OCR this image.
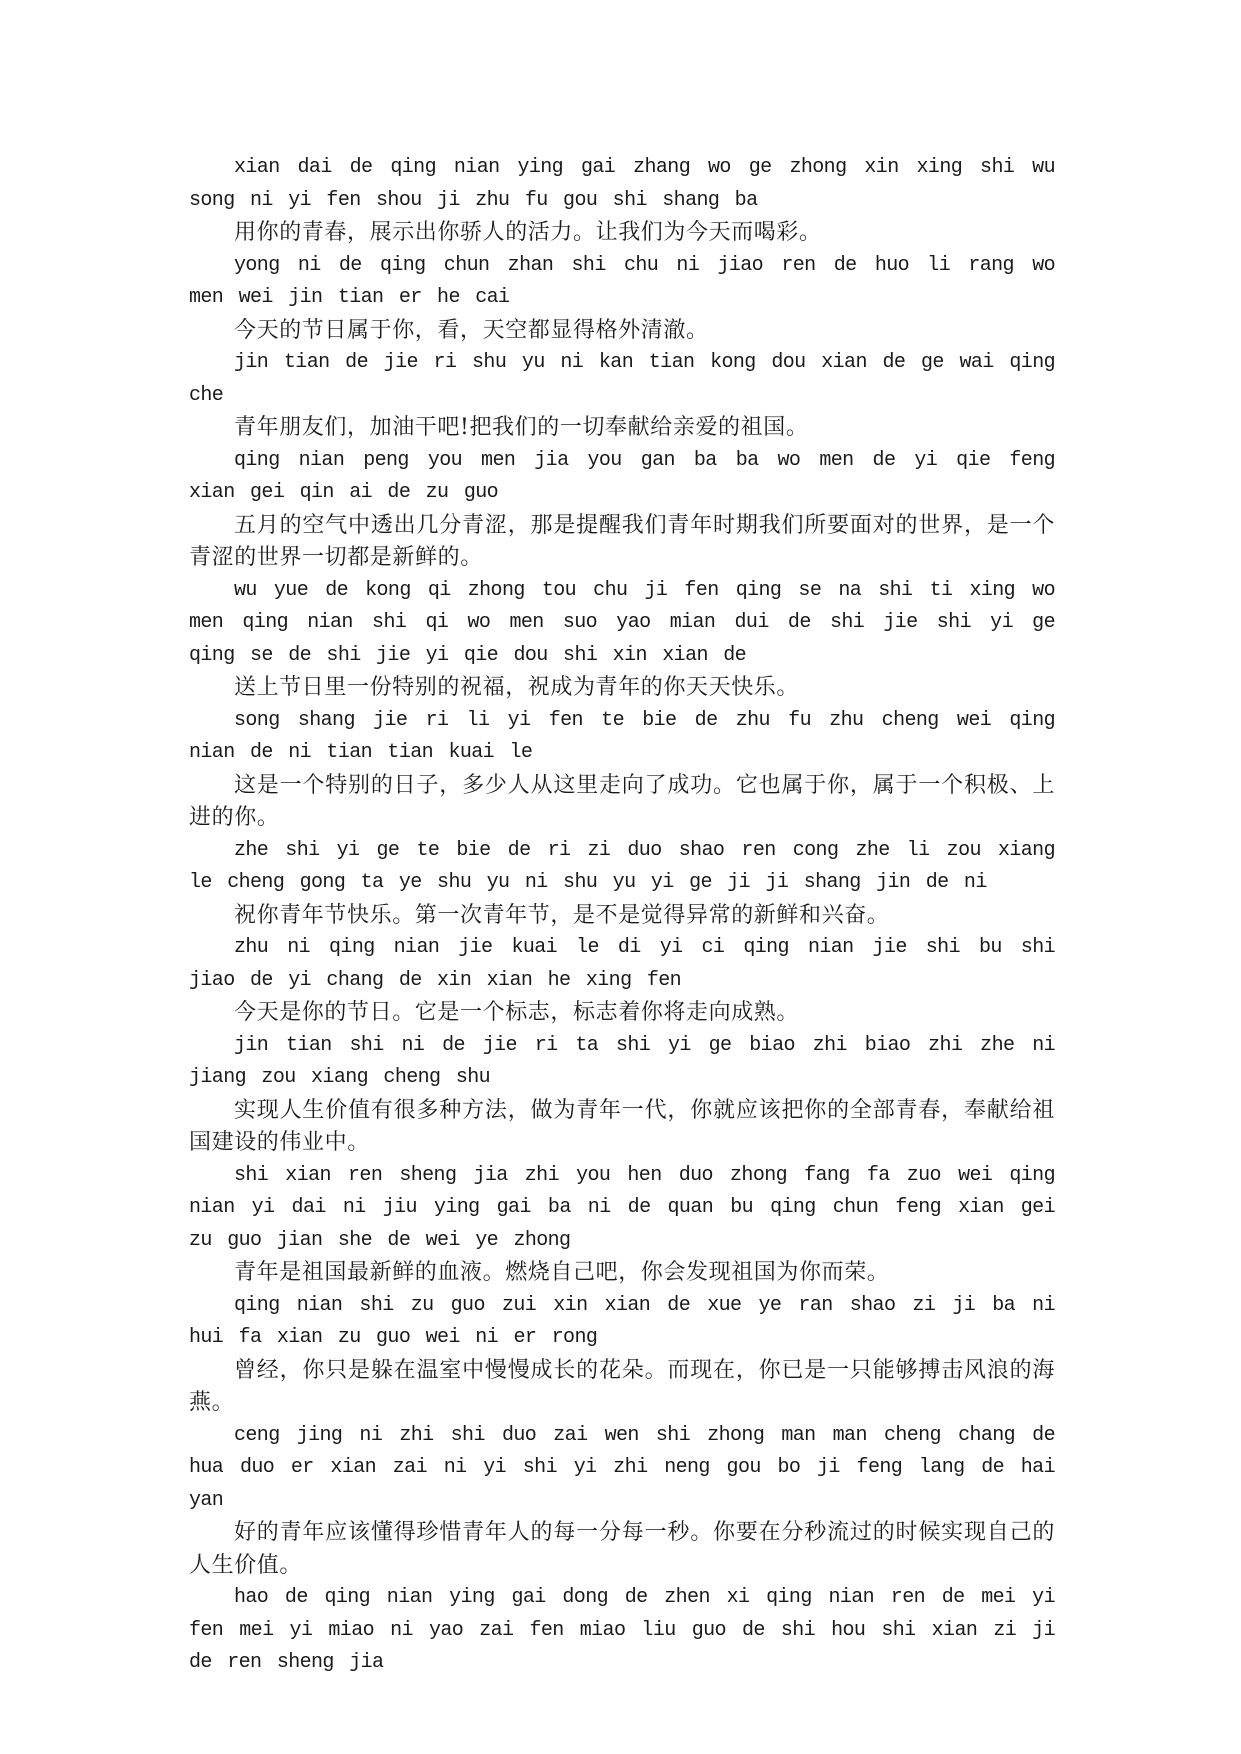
xian dai de qing nian ying gai zhang wo ge zhong xin xing shi wu song ni yi fen shou ji zhu fu gou shi shang ba

用你的青春，展示出你骄人的活力。让我们为今天而喝彩。

yong ni de qing chun zhan shi chu ni jiao ren de huo li rang wo men wei jin tian er he cai

今天的节日属于你，看，天空都显得格外清澈。

jin tian de jie ri shu yu ni kan tian kong dou xian de ge wai qing che

青年朋友们，加油干吧!把我们的一切奉献给亲爱的祖国。

qing nian peng you men jia you gan ba ba wo men de yi qie feng xian gei qin ai de zu guo

五月的空气中透出几分青涩，那是提醒我们青年时期我们所要面对的世界，是一个青涩的世界一切都是新鲜的。

wu yue de kong qi zhong tou chu ji fen qing se na shi ti xing wo men qing nian shi qi wo men suo yao mian dui de shi jie shi yi ge qing se de shi jie yi qie dou shi xin xian de

送上节日里一份特别的祝福，祝成为青年的你天天快乐。

song shang jie ri li yi fen te bie de zhu fu zhu cheng wei qing nian de ni tian tian kuai le

这是一个特别的日子，多少人从这里走向了成功。它也属于你，属于一个积极、上进的你。

zhe shi yi ge te bie de ri zi duo shao ren cong zhe li zou xiang le cheng gong ta ye shu yu ni shu yu yi ge ji ji shang jin de ni

祝你青年节快乐。第一次青年节，是不是觉得异常的新鲜和兴奋。

zhu ni qing nian jie kuai le di yi ci qing nian jie shi bu shi jiao de yi chang de xin xian he xing fen

今天是你的节日。它是一个标志，标志着你将走向成熟。

jin tian shi ni de jie ri ta shi yi ge biao zhi biao zhi zhe ni jiang zou xiang cheng shu

实现人生价值有很多种方法，做为青年一代，你就应该把你的全部青春，奉献给祖国建设的伟业中。

shi xian ren sheng jia zhi you hen duo zhong fang fa zuo wei qing nian yi dai ni jiu ying gai ba ni de quan bu qing chun feng xian gei zu guo jian she de wei ye zhong

青年是祖国最新鲜的血液。燃烧自己吧，你会发现祖国为你而荣。

qing nian shi zu guo zui xin xian de xue ye ran shao zi ji ba ni hui fa xian zu guo wei ni er rong

曾经，你只是躲在温室中慢慢成长的花朵。而现在，你已是一只能够搏击风浪的海燕。

ceng jing ni zhi shi duo zai wen shi zhong man man cheng chang de hua duo er xian zai ni yi shi yi zhi neng gou bo ji feng lang de hai yan

好的青年应该懂得珍惜青年人的每一分每一秒。你要在分秒流过的时候实现自己的人生价值。

hao de qing nian ying gai dong de zhen xi qing nian ren de mei yi fen mei yi miao ni yao zai fen miao liu guo de shi hou shi xian zi ji de ren sheng jia
